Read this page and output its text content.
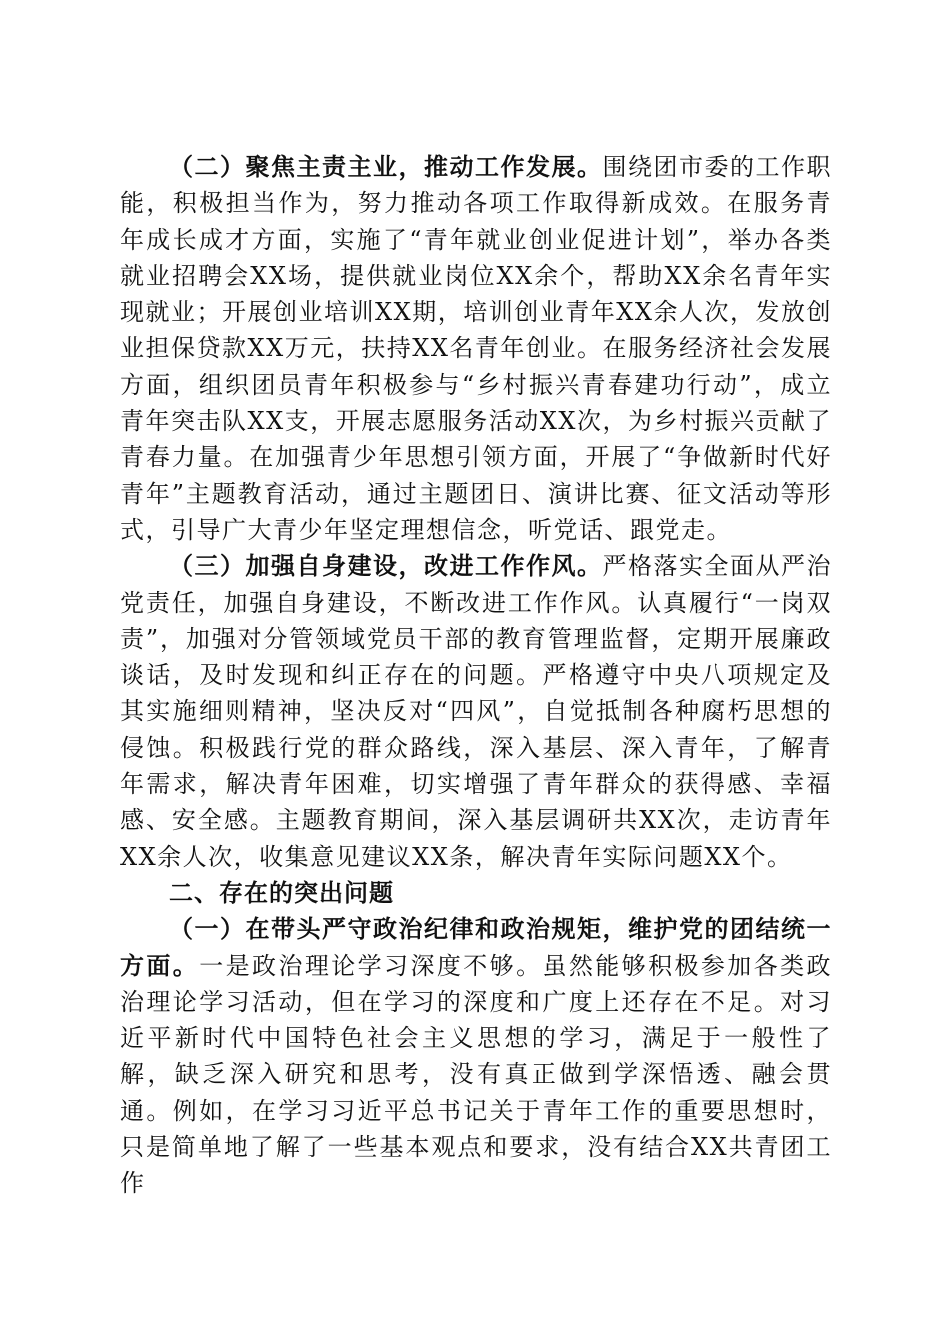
（二）聚焦主责主业，推动工作发展。围绕团市委的工作职能，积极担当作为，努力推动各项工作取得新成效。在服务青年成长成才方面，实施了“青年就业创业促进计划”，举办各类就业招聘会XX场，提供就业岗位XX余个，帮助XX余名青年实现就业；开展创业培训XX期，培训创业青年XX余人次，发放创业担保贷款XX万元，扶持XX名青年创业。在服务经济社会发展方面，组织团员青年积极参与“乡村振兴青春建功行动”，成立青年突击队XX支，开展志愿服务活动XX次，为乡村振兴贡献了青春力量。在加强青少年思想引领方面，开展了“争做新时代好青年”主题教育活动，通过主题团日、演讲比赛、征文活动等形式，引导广大青少年坚定理想信念，听党话、跟党走。

（三）加强自身建设，改进工作作风。严格落实全面从严治党责任，加强自身建设，不断改进工作作风。认真履行“一岗双责”，加强对分管领域党员干部的教育管理监督，定期开展廉政谈话，及时发现和纠正存在的问题。严格遵守中央八项规定及其实施细则精神，坚决反对“四风”，自觉抵制各种腐朽思想的侵蚀。积极践行党的群众路线，深入基层、深入青年，了解青年需求，解决青年困难，切实增强了青年群众的获得感、幸福感、安全感。主题教育期间，深入基层调研共XX次，走访青年XX余人次，收集意见建议XX条，解决青年实际问题XX个。

二、存在的突出问题

（一）在带头严守政治纪律和政治规矩，维护党的团结统一方面。一是政治理论学习深度不够。虽然能够积极参加各类政治理论学习活动，但在学习的深度和广度上还存在不足。对习近平新时代中国特色社会主义思想的学习，满足于一般性了解，缺乏深入研究和思考，没有真正做到学深悟透、融会贯通。例如，在学习习近平总书记关于青年工作的重要思想时，只是简单地了解了一些基本观点和要求，没有结合XX共青团工作
